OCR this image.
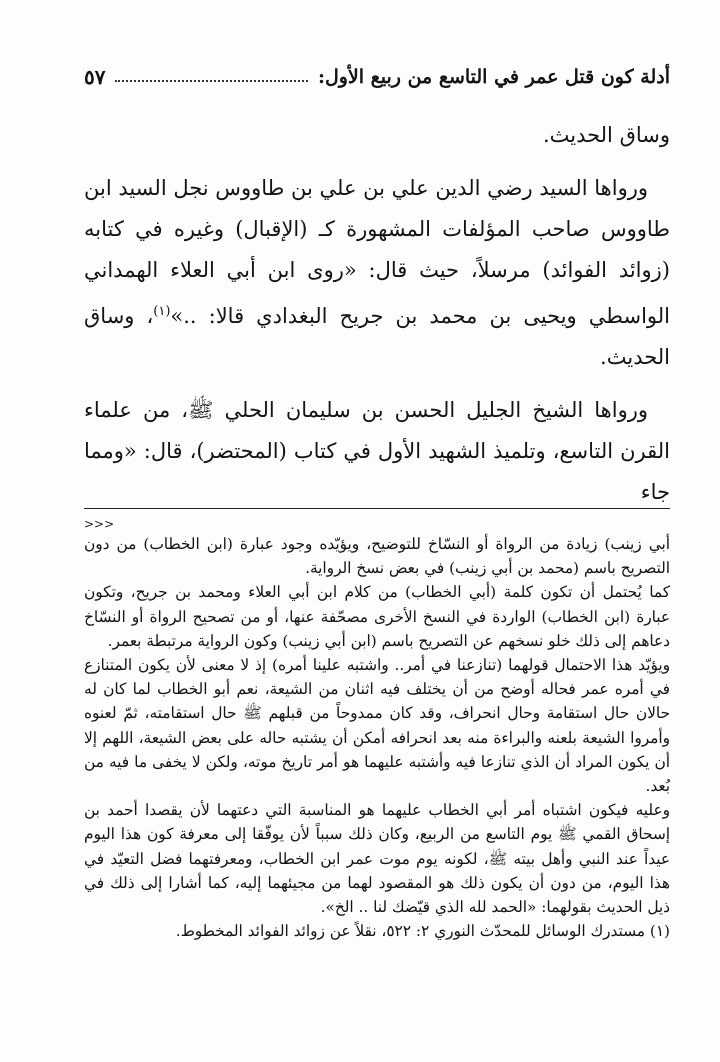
أدلة كون قتل عمر في التاسع من ربيع الأول:
٥٧

وساق الحديث.

ورواها السيد رضي الدين علي بن علي بن طاووس نجل السيد ابن طاووس صاحب المؤلفات المشهورة كـ (الإقبال) وغيره في كتابه (زوائد الفوائد) مرسلاً، حيث قال: «روى ابن أبي العلاء الهمداني الواسطي ويحيى بن محمد بن جريح البغدادي قالا: ..»$^{(١)}$، وساق الحديث.

ورواها الشيخ الجليل الحسن بن سليمان الحلي ﷺ، من علماء القرن التاسع، وتلميذ الشهيد الأول في كتاب (المحتضر)، قال: «ومما جاء

>>>

أبي زينب) زيادة من الرواة أو النسّاخ للتوضيح، ويؤيّده وجود عبارة (ابن الخطاب) من دون التصريح باسم (محمد بن أبي زينب) في بعض نسخ الرواية.

كما يُحتمل أن تكون كلمة (أبي الخطاب) من كلام ابن أبي العلاء ومحمد بن جريح، وتكون عبارة (ابن الخطاب) الواردة في النسخ الأخرى مصحّفة عنها، أو من تصحيح الرواة أو النسّاخ دعاهم إلى ذلك خلو نسخهم عن التصريح باسم (ابن أبي زينب) وكون الرواية مرتبطة بعمر.

ويؤيّد هذا الاحتمال قولهما (تنازعنا في أمر.. واشتبه علينا أمره) إذ لا معنى لأن يكون المتنازع في أمره عمر فحاله أوضح من أن يختلف فيه اثنان من الشيعة، نعم أبو الخطاب لما كان له حالان حال استقامة وحال انحراف، وقد كان ممدوحاً من قبلهم ﷺ حال استقامته، ثمّ لعنوه وأمروا الشيعة بلعنه والبراءة منه بعد انحرافه أمكن أن يشتبه حاله على بعض الشيعة، اللهم إلا أن يكون المراد أن الذي تنازعا فيه وأشتبه عليهما هو أمر تاريخ موته، ولكن لا يخفى ما فيه من بُعد.

وعليه فيكون اشتباه أمر أبي الخطاب عليهما هو المناسبة التي دعتهما لأن يقصدا أحمد بن إسحاق القمي ﷺ يوم التاسع من الربيع، وكان ذلك سبباً لأن يوفّقا إلى معرفة كون هذا اليوم عيداً عند النبي وأهل بيته ﷺ، لكونه يوم موت عمر ابن الخطاب، ومعرفتهما فضل التعيّد في هذا اليوم، من دون أن يكون ذلك هو المقصود لهما من مجيئهما إليه، كما أشارا إلى ذلك في ذيل الحديث بقولهما: «الحمد لله الذي قيّضك لنا .. الخ».

(١) مستدرك الوسائل للمحدّث النوري ٢: ٥٢٢، نقلاً عن زوائد الفوائد المخطوط.
